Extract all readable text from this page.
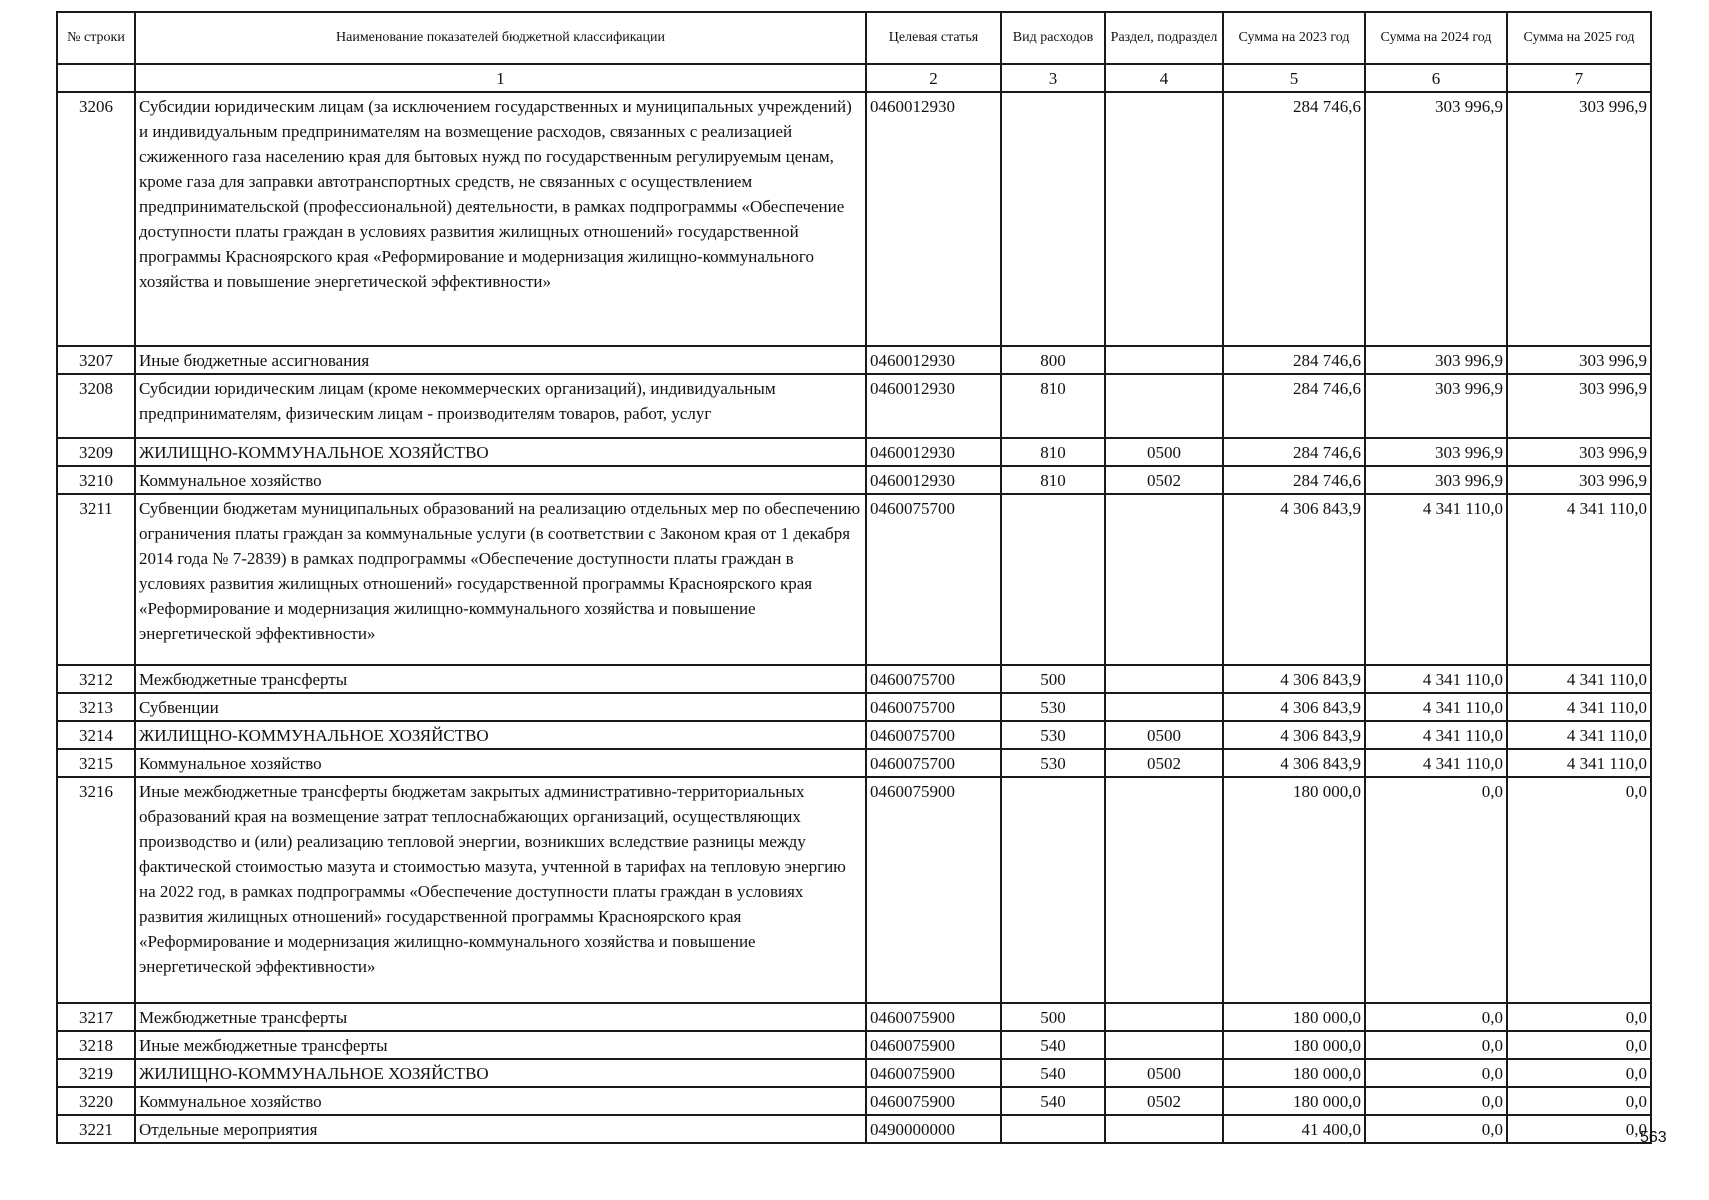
№ строки	Наименование показателей бюджетной классификации	Целевая статья	Вид расходов	Раздел, подраздел	Сумма на 2023 год	Сумма на 2024 год	Сумма на 2025 год
	1	2	3	4	5	6	7
3206	Субсидии юридическим лицам (за исключением государственных и муниципальных учреждений) и индивидуальным предпринимателям на возмещение расходов, связанных с реализацией сжиженного газа населению края для бытовых нужд по государственным регулируемым ценам, кроме газа для заправки автотранспортных средств, не связанных с осуществлением предпринимательской (профессиональной) деятельности, в рамках подпрограммы «Обеспечение доступности платы граждан в условиях развития жилищных отношений» государственной программы Красноярского края «Реформирование и модернизация жилищно-коммунального хозяйства и повышение энергетической эффективности»	0460012930			284 746,6	303 996,9	303 996,9
3207	Иные бюджетные ассигнования	0460012930	800		284 746,6	303 996,9	303 996,9
3208	Субсидии юридическим лицам (кроме некоммерческих организаций), индивидуальным предпринимателям, физическим лицам - производителям товаров, работ, услуг	0460012930	810		284 746,6	303 996,9	303 996,9
3209	ЖИЛИЩНО-КОММУНАЛЬНОЕ ХОЗЯЙСТВО	0460012930	810	0500	284 746,6	303 996,9	303 996,9
3210	Коммунальное хозяйство	0460012930	810	0502	284 746,6	303 996,9	303 996,9
3211	Субвенции бюджетам муниципальных образований на реализацию отдельных мер по обеспечению ограничения платы граждан за коммунальные услуги (в соответствии с Законом края от 1 декабря 2014 года № 7-2839) в рамках подпрограммы «Обеспечение доступности платы граждан в условиях развития жилищных отношений» государственной программы Красноярского края «Реформирование и модернизация жилищно-коммунального хозяйства и повышение энергетической эффективности»	0460075700			4 306 843,9	4 341 110,0	4 341 110,0
3212	Межбюджетные трансферты	0460075700	500		4 306 843,9	4 341 110,0	4 341 110,0
3213	Субвенции	0460075700	530		4 306 843,9	4 341 110,0	4 341 110,0
3214	ЖИЛИЩНО-КОММУНАЛЬНОЕ ХОЗЯЙСТВО	0460075700	530	0500	4 306 843,9	4 341 110,0	4 341 110,0
3215	Коммунальное хозяйство	0460075700	530	0502	4 306 843,9	4 341 110,0	4 341 110,0
3216	Иные межбюджетные трансферты бюджетам закрытых административно-территориальных образований края на возмещение затрат теплоснабжающих организаций, осуществляющих производство и (или) реализацию тепловой энергии, возникших вследствие разницы между фактической стоимостью мазута и стоимостью мазута, учтенной в тарифах на тепловую энергию на 2022 год, в рамках подпрограммы «Обеспечение доступности платы граждан в условиях развития жилищных отношений» государственной программы Красноярского края «Реформирование и модернизация жилищно-коммунального хозяйства и повышение энергетической эффективности»	0460075900			180 000,0	0,0	0,0
3217	Межбюджетные трансферты	0460075900	500		180 000,0	0,0	0,0
3218	Иные межбюджетные трансферты	0460075900	540		180 000,0	0,0	0,0
3219	ЖИЛИЩНО-КОММУНАЛЬНОЕ ХОЗЯЙСТВО	0460075900	540	0500	180 000,0	0,0	0,0
3220	Коммунальное хозяйство	0460075900	540	0502	180 000,0	0,0	0,0
3221	Отдельные мероприятия	0490000000			41 400,0	0,0	0,0
563
